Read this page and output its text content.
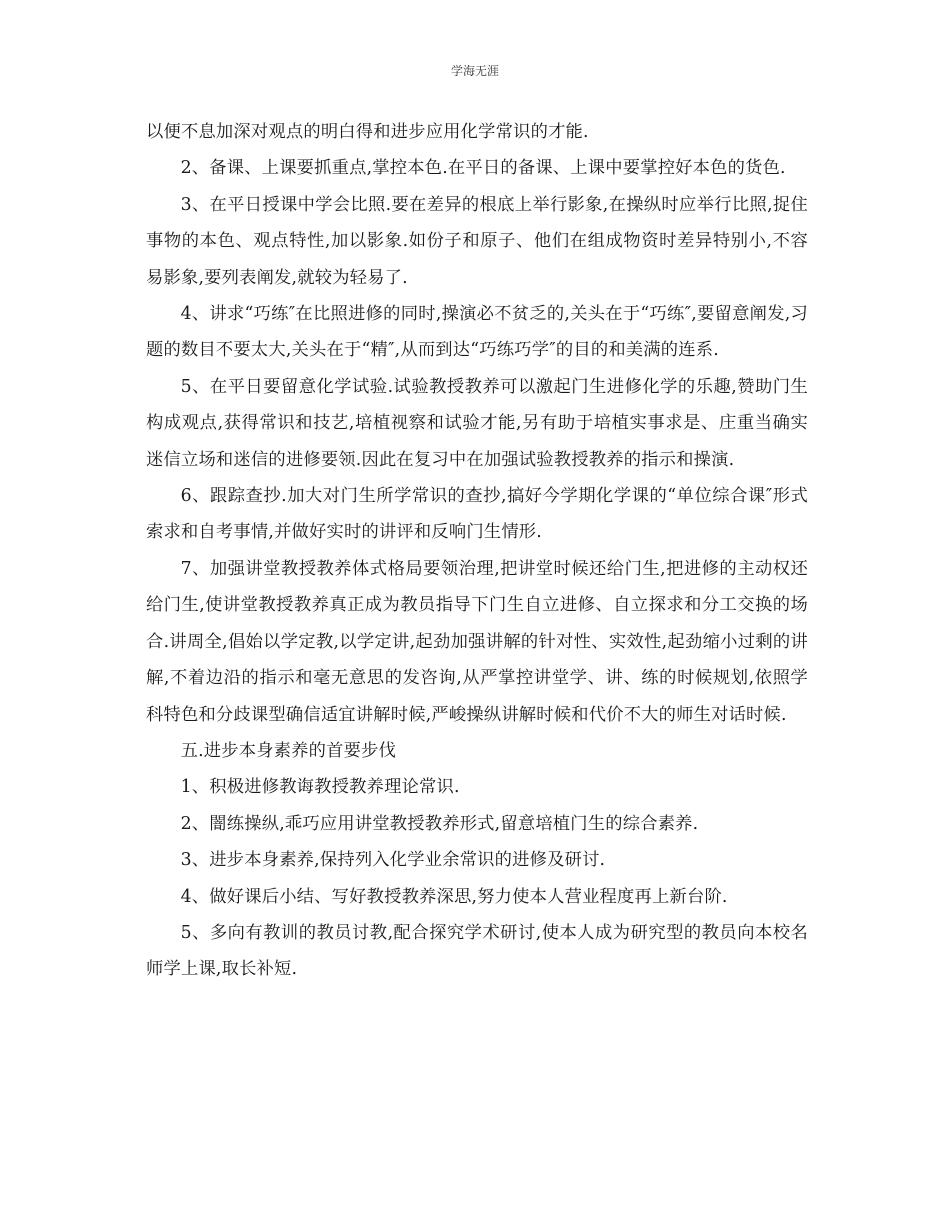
学海无涯

以便不息加深对观点的明白得和进步应用化学常识的才能.

2、备课、上课要抓重点,掌控本色.在平日的备课、上课中要掌控好本色的货色.

3、在平日授课中学会比照.要在差异的根底上举行影象,在操纵时应举行比照,捉住事物的本色、观点特性,加以影象.如份子和原子、他们在组成物资时差异特别小,不容易影象,要列表阐发,就较为轻易了.

4、讲求“巧练″在比照进修的同时,操演必不贫乏的,关头在于“巧练″,要留意阐发,习题的数目不要太大,关头在于“精″,从而到达“巧练巧学″的目的和美满的连系.

5、在平日要留意化学试验.试验教授教养可以激起门生进修化学的乐趣,赞助门生构成观点,获得常识和技艺,培植视察和试验才能,另有助于培植实事求是、庄重当确实迷信立场和迷信的进修要领.因此在复习中在加强试验教授教养的指示和操演.

6、跟踪查抄.加大对门生所学常识的查抄,搞好今学期化学课的“单位综合课″形式索求和自考事情,并做好实时的讲评和反响门生情形.

7、加强讲堂教授教养体式格局要领治理,把讲堂时候还给门生,把进修的主动权还给门生,使讲堂教授教养真正成为教员指导下门生自立进修、自立探求和分工交换的场合.讲周全,倡始以学定教,以学定讲,起劲加强讲解的针对性、实效性,起劲缩小过剩的讲解,不着边沿的指示和毫无意思的发咨询,从严掌控讲堂学、讲、练的时候规划,依照学科特色和分歧课型确信适宜讲解时候,严峻操纵讲解时候和代价不大的师生对话时候.

五.进步本身素养的首要步伐

1、积极进修教诲教授教养理论常识.

2、闇练操纵,乖巧应用讲堂教授教养形式,留意培植门生的综合素养.

3、进步本身素养,保持列入化学业余常识的进修及研讨.

4、做好课后小结、写好教授教养深思,努力使本人营业程度再上新台阶.

5、多向有教训的教员讨教,配合探究学术研讨,使本人成为研究型的教员向本校名师学上课,取长补短.
